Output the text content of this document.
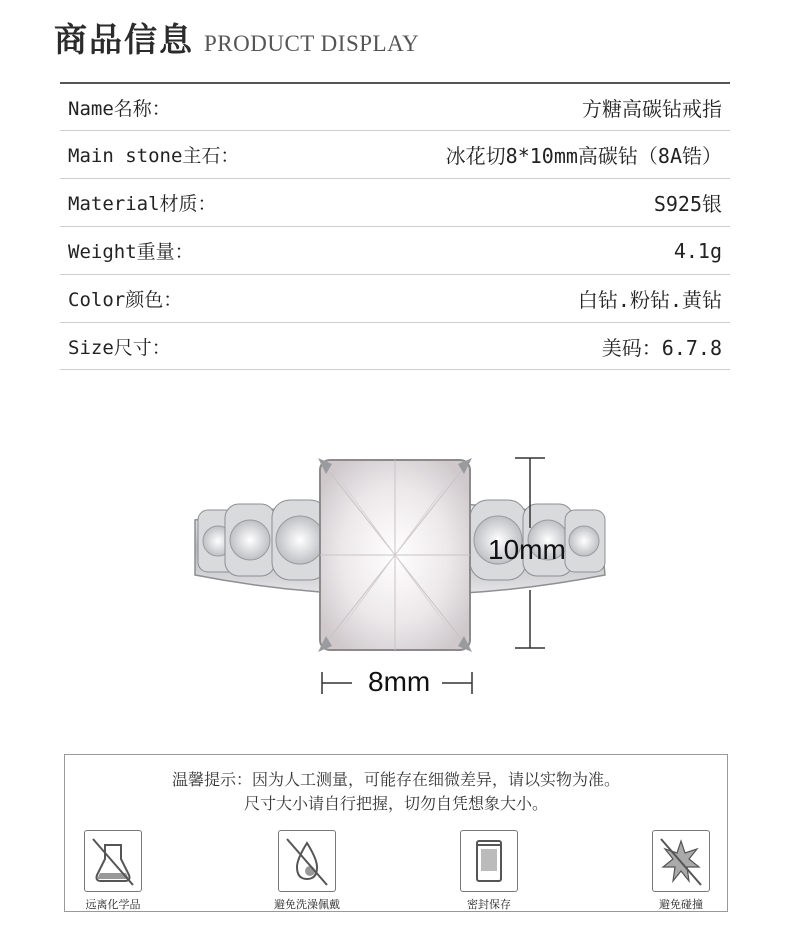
商品信息 PRODUCT DISPLAY
Name名称：	方糖高碳钻戒指
Main stone主石：	冰花切8*10mm高碳钻（8A锆）
Material材质：	S925银
Weight重量：	4.1g
Color颜色：	白钻.粉钻.黄钻
Size尺寸：	美码：6.7.8
10mm
8mm
温馨提示：因为人工测量，可能存在细微差异，请以实物为准。
尺寸大小请自行把握，切勿自凭想象大小。
远离化学品	避免洗澡佩戴	密封保存	避免碰撞
